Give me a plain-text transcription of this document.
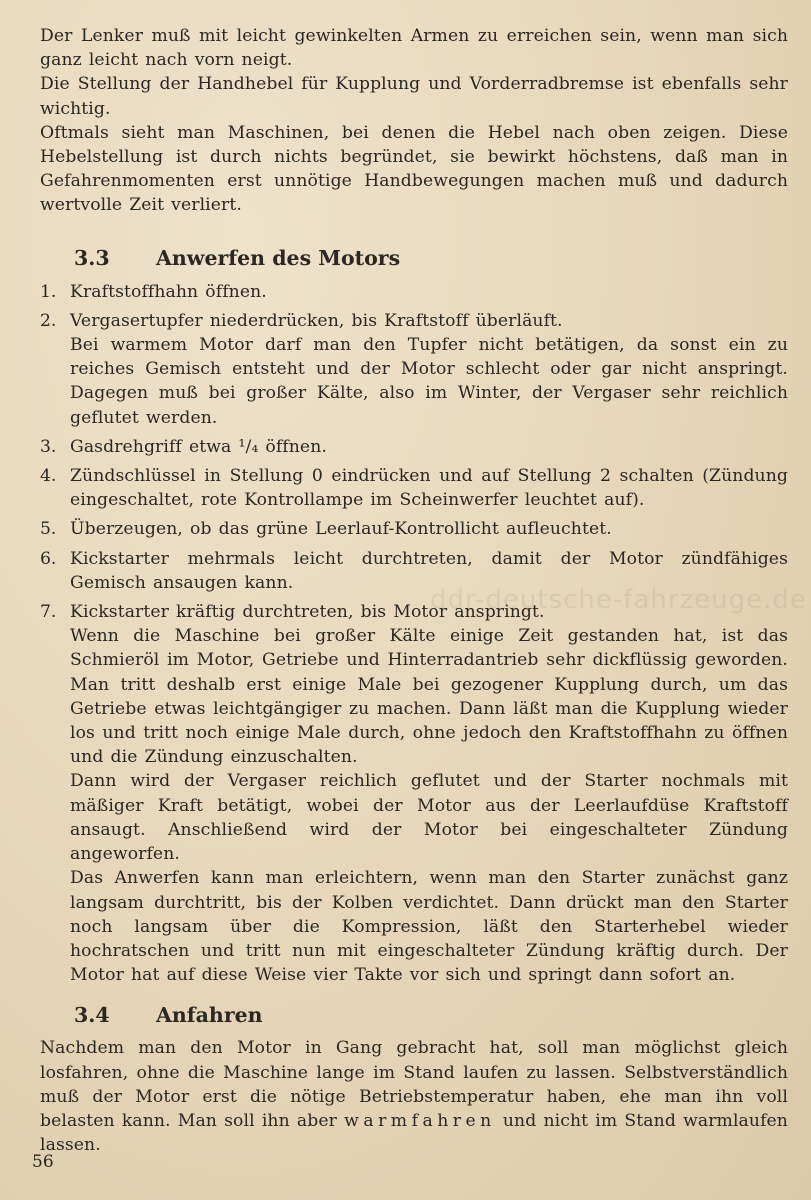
ddr-deutsche-fahrzeuge.de

Der Lenker muß mit leicht gewinkelten Armen zu erreichen sein, wenn man sich ganz leicht nach vorn neigt.

Die Stellung der Handhebel für Kupplung und Vorderradbremse ist ebenfalls sehr wichtig.

Oftmals sieht man Maschinen, bei denen die Hebel nach oben zeigen. Diese Hebelstellung ist durch nichts begründet, sie bewirkt höchstens, daß man in Gefahrenmomenten erst unnötige Handbewegungen machen muß und dadurch wertvolle Zeit verliert.

3.3	Anwerfen des Motors
1. Kraftstoffhahn öffnen.

2. Vergasertupfer niederdrücken, bis Kraftstoff überläuft.

Bei warmem Motor darf man den Tupfer nicht betätigen, da sonst ein zu reiches Gemisch entsteht und der Motor schlecht oder gar nicht anspringt. Dagegen muß bei großer Kälte, also im Winter, der Vergaser sehr reichlich geflutet werden.

3. Gasdrehgriff etwa ¹/₄ öffnen.

4. Zündschlüssel in Stellung 0 eindrücken und auf Stellung 2 schalten (Zündung eingeschaltet, rote Kontrollampe im Scheinwerfer leuchtet auf).

5. Überzeugen, ob das grüne Leerlauf-Kontrollicht aufleuchtet.

6. Kickstarter mehrmals leicht durchtreten, damit der Motor zündfähiges Gemisch ansaugen kann.

7. Kickstarter kräftig durchtreten, bis Motor anspringt.

Wenn die Maschine bei großer Kälte einige Zeit gestanden hat, ist das Schmieröl im Motor, Getriebe und Hinterradantrieb sehr dickflüssig geworden. Man tritt deshalb erst einige Male bei gezogener Kupplung durch, um das Getriebe etwas leichtgängiger zu machen. Dann läßt man die Kupplung wieder los und tritt noch einige Male durch, ohne jedoch den Kraftstoffhahn zu öffnen und die Zündung einzuschalten.

Dann wird der Vergaser reichlich geflutet und der Starter nochmals mit mäßiger Kraft betätigt, wobei der Motor aus der Leerlaufdüse Kraftstoff ansaugt. Anschließend wird der Motor bei eingeschalteter Zündung angeworfen.

Das Anwerfen kann man erleichtern, wenn man den Starter zunächst ganz langsam durchtritt, bis der Kolben verdichtet. Dann drückt man den Starter noch langsam über die Kompression, läßt den Starterhebel wieder hochratschen und tritt nun mit eingeschalteter Zündung kräftig durch. Der Motor hat auf diese Weise vier Takte vor sich und springt dann sofort an.

3.4	Anfahren

Nachdem man den Motor in Gang gebracht hat, soll man möglichst gleich losfahren, ohne die Maschine lange im Stand laufen zu lassen. Selbstverständlich muß der Motor erst die nötige Betriebstemperatur haben, ehe man ihn voll belasten kann. Man soll ihn aber warmfahren und nicht im Stand warmlaufen lassen.

56
